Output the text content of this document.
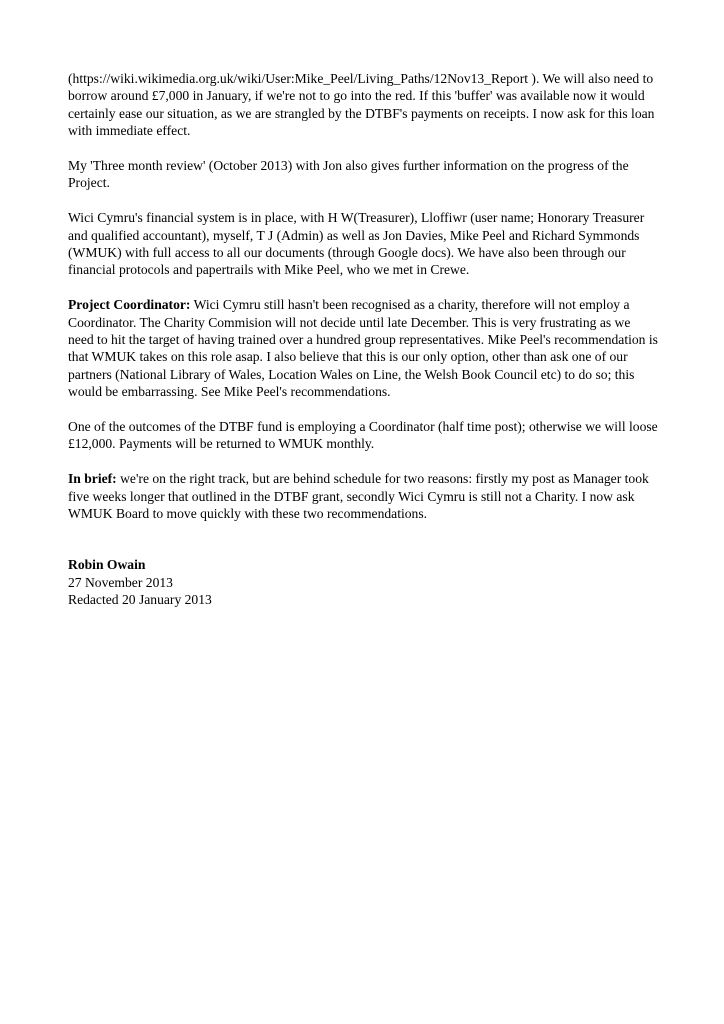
(https://wiki.wikimedia.org.uk/wiki/User:Mike_Peel/Living_Paths/12Nov13_Report ). We will also need to borrow around £7,000 in January, if we're not to go into the red. If this 'buffer' was available now it would certainly ease our situation, as we are strangled by the DTBF's payments on receipts. I now ask for this loan with immediate effect.

My 'Three month review' (October 2013) with Jon also gives further information on the progress of the Project.

Wici Cymru's financial system is in place, with H W(Treasurer), Lloffiwr (user name; Honorary Treasurer and qualified accountant), myself, T J (Admin) as well as Jon Davies, Mike Peel and Richard Symmonds (WMUK) with full access to all our documents (through Google docs). We have also been through our financial protocols and papertrails with Mike Peel, who we met in Crewe.

Project Coordinator: Wici Cymru still hasn't been recognised as a charity, therefore will not employ a Coordinator. The Charity Commision will not decide until late December. This is very frustrating as we need to hit the target of having trained over a hundred group representatives. Mike Peel's recommendation is that WMUK takes on this role asap. I also believe that this is our only option, other than ask one of our partners (National Library of Wales, Location Wales on Line, the Welsh Book Council etc) to do so; this would be embarrassing. See Mike Peel's recommendations.

One of the outcomes of the DTBF fund is employing a Coordinator (half time post); otherwise we will loose £12,000. Payments will be returned to WMUK monthly.

In brief: we're on the right track, but are behind schedule for two reasons: firstly my post as Manager took five weeks longer that outlined in the DTBF grant, secondly Wici Cymru is still not a Charity. I now ask WMUK Board to move quickly with these two recommendations.

Robin Owain
27 November 2013
Redacted 20 January 2013
